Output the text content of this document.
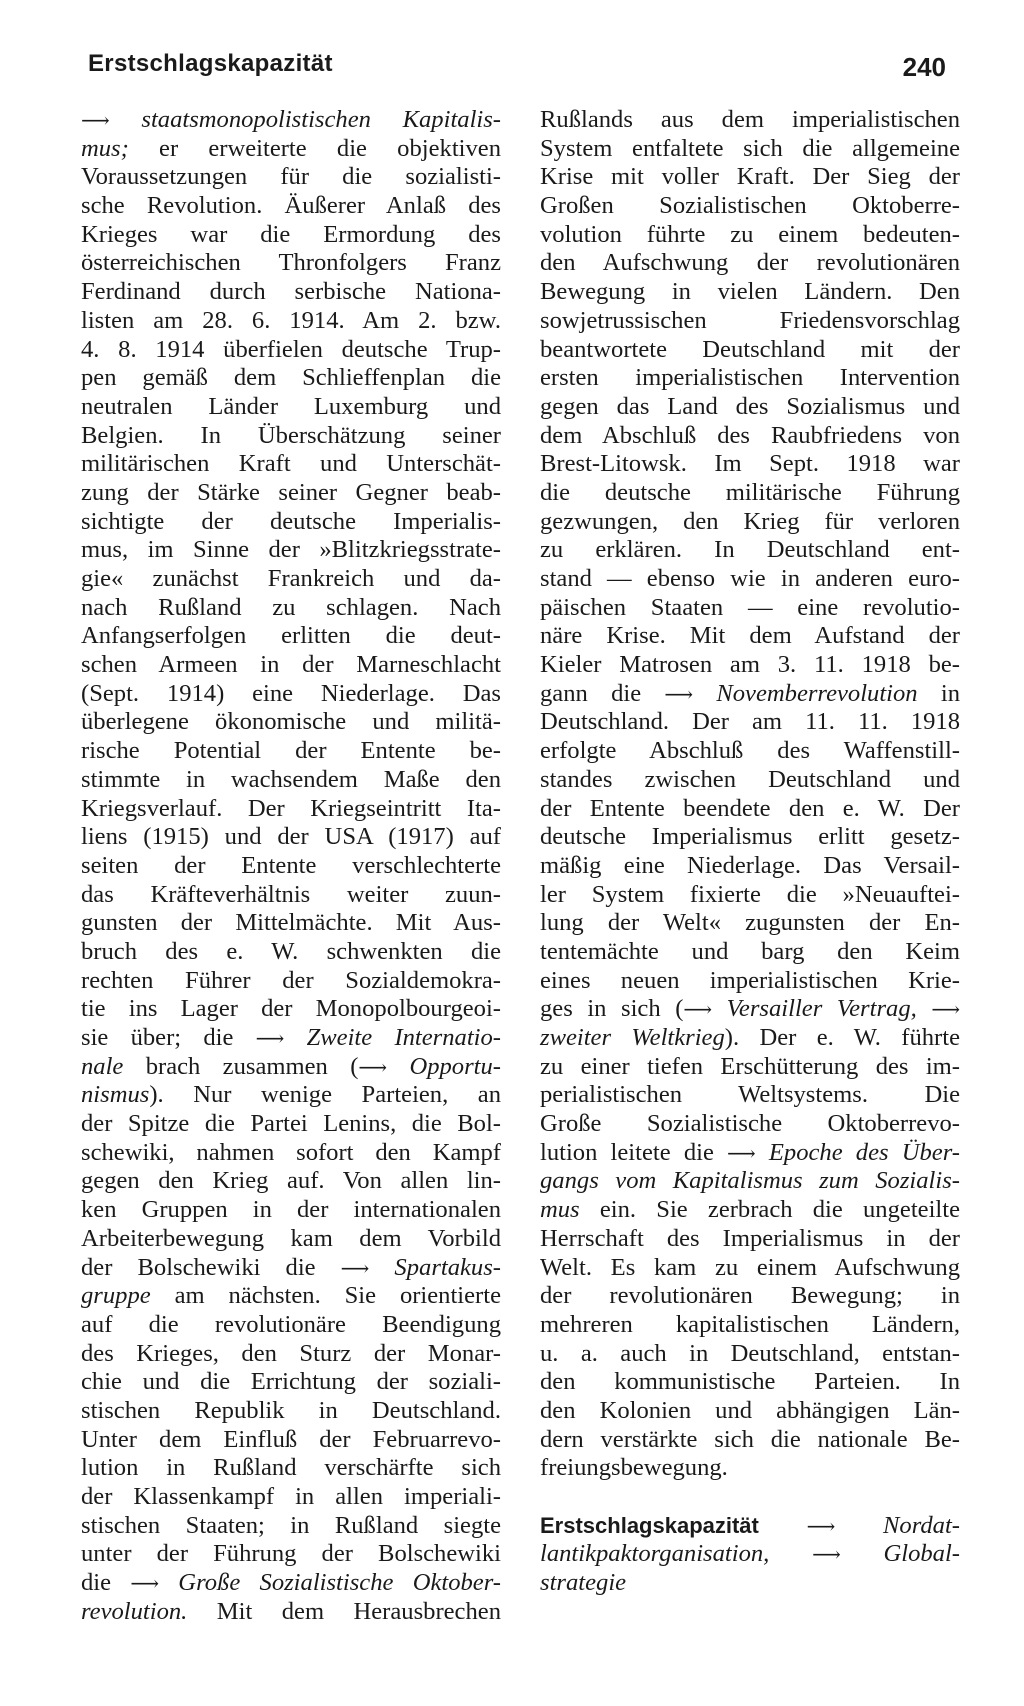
Erstschlagskapazität	240
⟶ staatsmonopolistischen Kapitalis-
mus; er erweiterte die objektiven
Voraussetzungen für die sozialisti-
sche Revolution. Äußerer Anlaß des
Krieges war die Ermordung des
österreichischen Thronfolgers Franz
Ferdinand durch serbische Nationa-
listen am 28. 6. 1914. Am 2. bzw.
4. 8. 1914 überfielen deutsche Trup-
pen gemäß dem Schlieffenplan die
neutralen Länder Luxemburg und
Belgien. In Überschätzung seiner
militärischen Kraft und Unterschät-
zung der Stärke seiner Gegner beab-
sichtigte der deutsche Imperialis-
mus, im Sinne der »Blitzkriegsstrate-
gie« zunächst Frankreich und da-
nach Rußland zu schlagen. Nach
Anfangserfolgen erlitten die deut-
schen Armeen in der Marneschlacht
(Sept. 1914) eine Niederlage. Das
überlegene ökonomische und militä-
rische Potential der Entente be-
stimmte in wachsendem Maße den
Kriegsverlauf. Der Kriegseintritt Ita-
liens (1915) und der USA (1917) auf
seiten der Entente verschlechterte
das Kräfteverhältnis weiter zuun-
gunsten der Mittelmächte. Mit Aus-
bruch des e. W. schwenkten die
rechten Führer der Sozialdemokra-
tie ins Lager der Monopolbourgeoi-
sie über; die ⟶ Zweite Internatio-
nale brach zusammen (⟶ Opportu-
nismus). Nur wenige Parteien, an
der Spitze die Partei Lenins, die Bol-
schewiki, nahmen sofort den Kampf
gegen den Krieg auf. Von allen lin-
ken Gruppen in der internationalen
Arbeiterbewegung kam dem Vorbild
der Bolschewiki die ⟶ Spartakus-
gruppe am nächsten. Sie orientierte
auf die revolutionäre Beendigung
des Krieges, den Sturz der Monar-
chie und die Errichtung der soziali-
stischen Republik in Deutschland.
Unter dem Einfluß der Februarrevo-
lution in Rußland verschärfte sich
der Klassenkampf in allen imperiali-
stischen Staaten; in Rußland siegte
unter der Führung der Bolschewiki
die ⟶ Große Sozialistische Oktober-
revolution. Mit dem Herausbrechen
Rußlands aus dem imperialistischen
System entfaltete sich die allgemeine
Krise mit voller Kraft. Der Sieg der
Großen Sozialistischen Oktoberre-
volution führte zu einem bedeuten-
den Aufschwung der revolutionären
Bewegung in vielen Ländern. Den
sowjetrussischen Friedensvorschlag
beantwortete Deutschland mit der
ersten imperialistischen Intervention
gegen das Land des Sozialismus und
dem Abschluß des Raubfriedens von
Brest-Litowsk. Im Sept. 1918 war
die deutsche militärische Führung
gezwungen, den Krieg für verloren
zu erklären. In Deutschland ent-
stand — ebenso wie in anderen euro-
päischen Staaten — eine revolutio-
näre Krise. Mit dem Aufstand der
Kieler Matrosen am 3. 11. 1918 be-
gann die ⟶ Novemberrevolution in
Deutschland. Der am 11. 11. 1918
erfolgte Abschluß des Waffenstill-
standes zwischen Deutschland und
der Entente beendete den e. W. Der
deutsche Imperialismus erlitt gesetz-
mäßig eine Niederlage. Das Versail-
ler System fixierte die »Neuauftei-
lung der Welt« zugunsten der En-
tentemächte und barg den Keim
eines neuen imperialistischen Krie-
ges in sich (⟶ Versailler Vertrag, ⟶
zweiter Weltkrieg). Der e. W. führte
zu einer tiefen Erschütterung des im-
perialistischen Weltsystems. Die
Große Sozialistische Oktoberrevo-
lution leitete die ⟶ Epoche des Über-
gangs vom Kapitalismus zum Sozialis-
mus ein. Sie zerbrach die ungeteilte
Herrschaft des Imperialismus in der
Welt. Es kam zu einem Aufschwung
der revolutionären Bewegung; in
mehreren kapitalistischen Ländern,
u. a. auch in Deutschland, entstan-
den kommunistische Parteien. In
den Kolonien und abhängigen Län-
dern verstärkte sich die nationale Be-
freiungsbewegung.
Erstschlagskapazität ⟶ Nordat-
lantikpaktorganisation, ⟶ Global-
strategie
